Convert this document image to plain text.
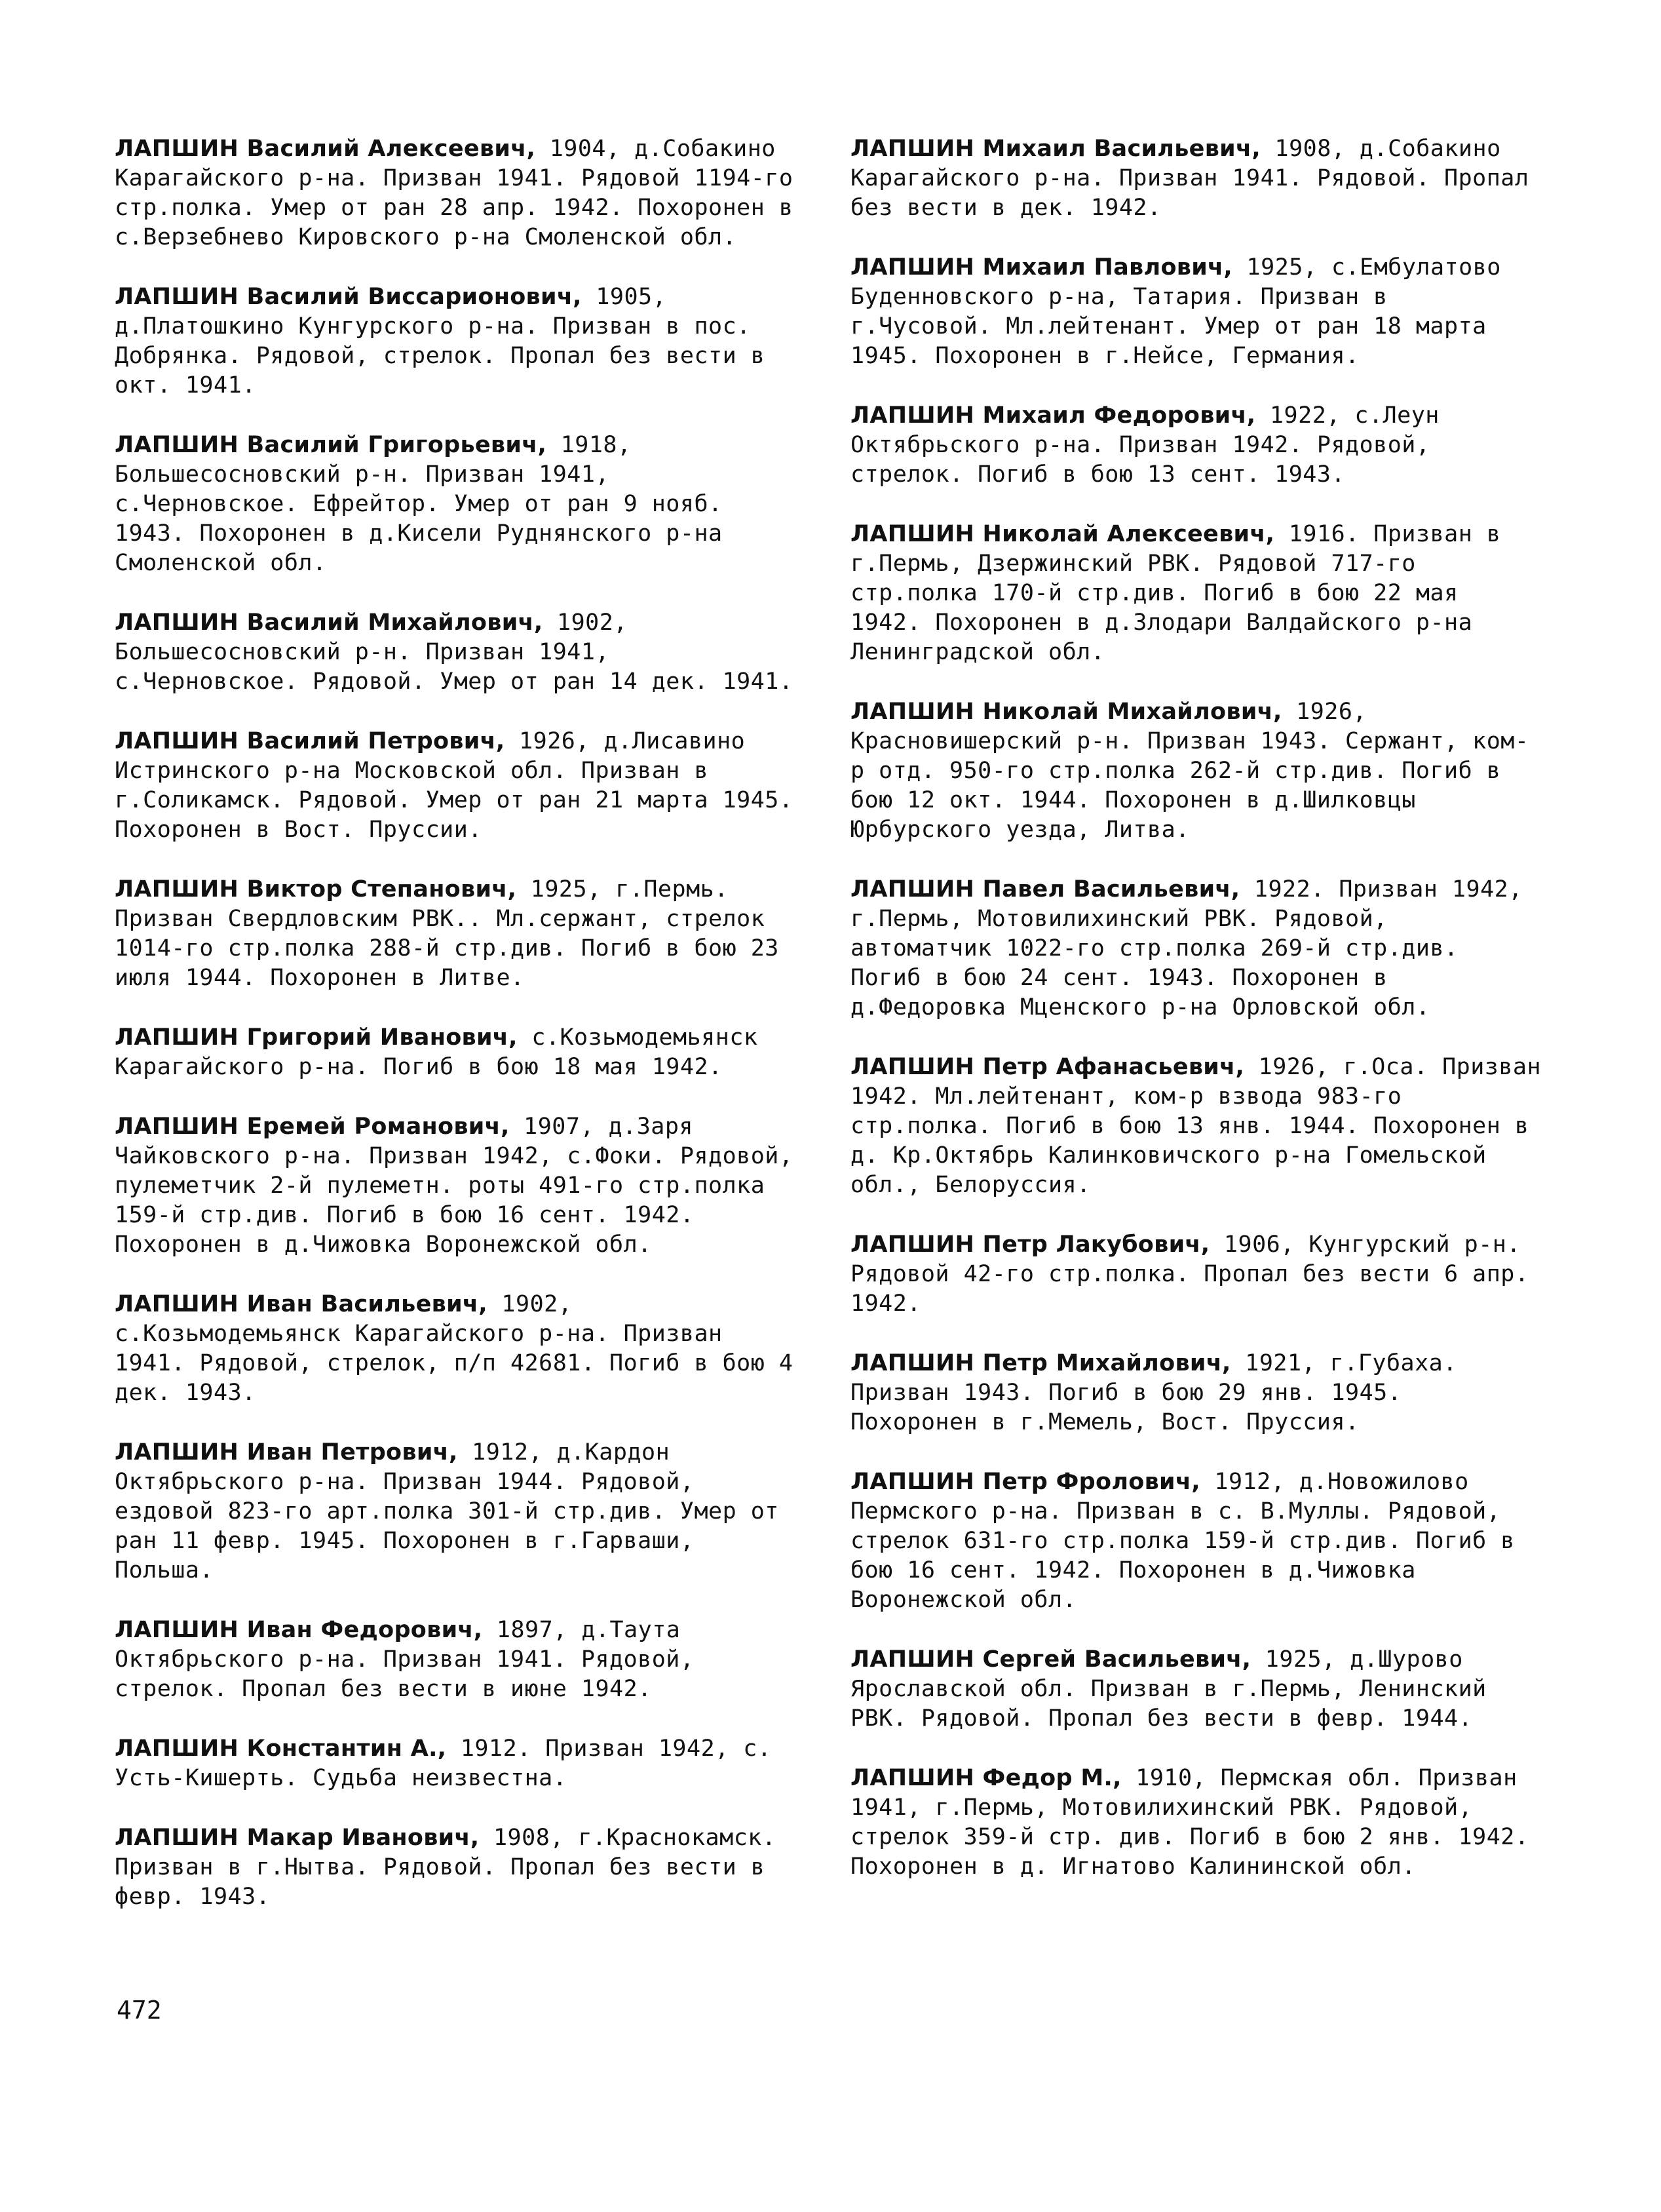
ЛАПШИН Василий Алексеевич, 1904, д.Собакино Карагайского р-на. Призван 1941. Рядовой 1194-го стр.полка. Умер от ран 28 апр. 1942. Похоронен в с.Верзебнево Кировского р-на Смоленской обл.

ЛАПШИН Василий Виссарионович, 1905, д.Платошкино Кунгурского р-на. Призван в пос. Добрянка. Рядовой, стрелок. Пропал без вести в окт. 1941.

ЛАПШИН Василий Григорьевич, 1918, Большесосновский р-н. Призван 1941, с.Черновское. Ефрейтор. Умер от ран 9 нояб. 1943. Похоронен в д.Кисели Руднянского р-на Смоленской обл.

ЛАПШИН Василий Михайлович, 1902, Большесосновский р-н. Призван 1941, с.Черновское. Рядовой. Умер от ран 14 дек. 1941.

ЛАПШИН Василий Петрович, 1926, д.Лисавино Истринского р-на Московской обл. Призван в г.Соликамск. Рядовой. Умер от ран 21 марта 1945. Похоронен в Вост. Пруссии.

ЛАПШИН Виктор Степанович, 1925, г.Пермь. Призван Свердловским РВК.. Мл.сержант, стрелок 1014-го стр.полка 288-й стр.див. Погиб в бою 23 июля 1944. Похоронен в Литве.

ЛАПШИН Григорий Иванович, с.Козьмодемьянск Карагайского р-на. Погиб в бою 18 мая 1942.

ЛАПШИН Еремей Романович, 1907, д.Заря Чайковского р-на. Призван 1942, с.Фоки. Рядовой, пулеметчик 2-й пулеметн. роты 491-го стр.полка 159-й стр.див. Погиб в бою 16 сент. 1942. Похоронен в д.Чижовка Воронежской обл.

ЛАПШИН Иван Васильевич, 1902, с.Козьмодемьянск Карагайского р-на. Призван 1941. Рядовой, стрелок, п/п 42681. Погиб в бою 4 дек. 1943.

ЛАПШИН Иван Петрович, 1912, д.Кардон Октябрьского р-на. Призван 1944. Рядовой, ездовой 823-го арт.полка 301-й стр.див. Умер от ран 11 февр. 1945. Похоронен в г.Гарваши, Польша.

ЛАПШИН Иван Федорович, 1897, д.Таута Октябрьского р-на. Призван 1941. Рядовой, стрелок. Пропал без вести в июне 1942.

ЛАПШИН Константин А., 1912. Призван 1942, с. Усть-Кишерть. Судьба неизвестна.

ЛАПШИН Макар Иванович, 1908, г.Краснокамск. Призван в г.Нытва. Рядовой. Пропал без вести в февр. 1943.

ЛАПШИН Михаил Васильевич, 1908, д.Собакино Карагайского р-на. Призван 1941. Рядовой. Пропал без вести в дек. 1942.

ЛАПШИН Михаил Павлович, 1925, с.Ембулатово Буденновского р-на, Татария. Призван в г.Чусовой. Мл.лейтенант. Умер от ран 18 марта 1945. Похоронен в г.Нейсе, Германия.

ЛАПШИН Михаил Федорович, 1922, с.Леун Октябрьского р-на. Призван 1942. Рядовой, стрелок. Погиб в бою 13 сент. 1943.

ЛАПШИН Николай Алексеевич, 1916. Призван в г.Пермь, Дзержинский РВК. Рядовой 717-го стр.полка 170-й стр.див. Погиб в бою 22 мая 1942. Похоронен в д.Злодари Валдайского р-на Ленинградской обл.

ЛАПШИН Николай Михайлович, 1926, Красновишерский р-н. Призван 1943. Сержант, ком-р отд. 950-го стр.полка 262-й стр.див. Погиб в бою 12 окт. 1944. Похоронен в д.Шилковцы Юрбурского уезда, Литва.

ЛАПШИН Павел Васильевич, 1922. Призван 1942, г.Пермь, Мотовилихинский РВК. Рядовой, автоматчик 1022-го стр.полка 269-й стр.див. Погиб в бою 24 сент. 1943. Похоронен в д.Федоровка Мценского р-на Орловской обл.

ЛАПШИН Петр Афанасьевич, 1926, г.Оса. Призван 1942. Мл.лейтенант, ком-р взвода 983-го стр.полка. Погиб в бою 13 янв. 1944. Похоронен в д. Кр.Октябрь Калинковичского р-на Гомельской обл., Белоруссия.

ЛАПШИН Петр Лакубович, 1906, Кунгурский р-н. Рядовой 42-го стр.полка. Пропал без вести 6 апр. 1942.

ЛАПШИН Петр Михайлович, 1921, г.Губаха. Призван 1943. Погиб в бою 29 янв. 1945. Похоронен в г.Мемель, Вост. Пруссия.

ЛАПШИН Петр Фролович, 1912, д.Новожилово Пермского р-на. Призван в с. В.Муллы. Рядовой, стрелок 631-го стр.полка 159-й стр.див. Погиб в бою 16 сент. 1942. Похоронен в д.Чижовка Воронежской обл.

ЛАПШИН Сергей Васильевич, 1925, д.Шурово Ярославской обл. Призван в г.Пермь, Ленинский РВК. Рядовой. Пропал без вести в февр. 1944.

ЛАПШИН Федор М., 1910, Пермская обл. Призван 1941, г.Пермь, Мотовилихинский РВК. Рядовой, стрелок 359-й стр. див. Погиб в бою 2 янв. 1942. Похоронен в д. Игнатово Калининской обл.

472
